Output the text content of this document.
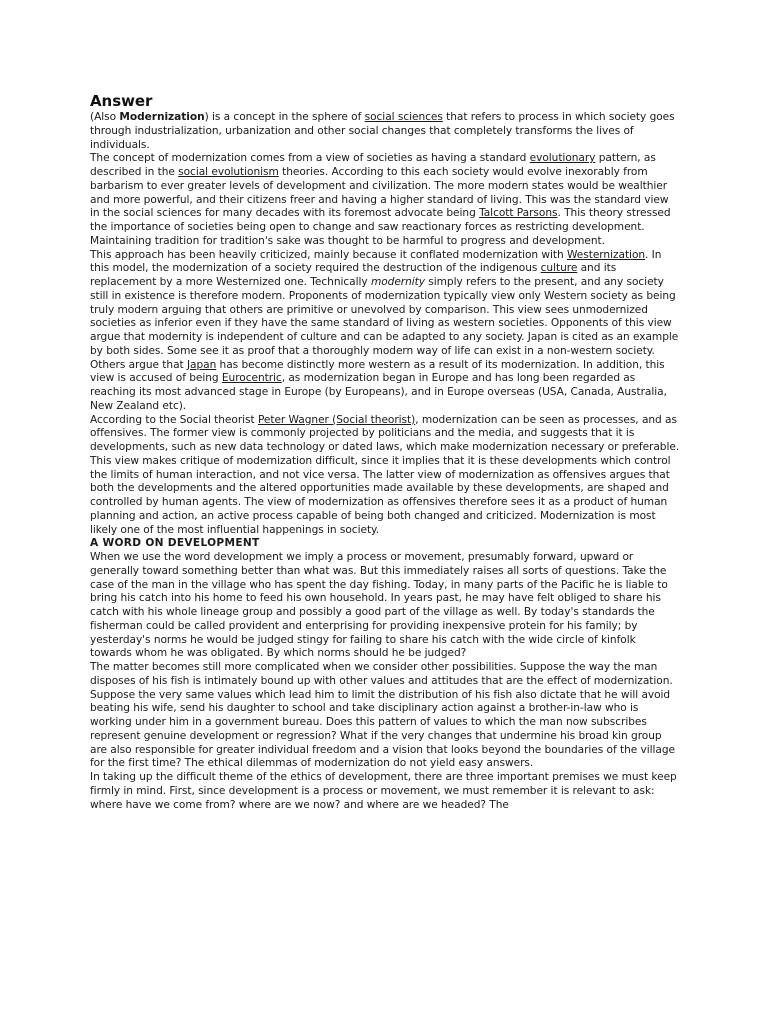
Answer

(Also Modernization) is a concept in the sphere of social sciences that refers to process in which society goes through industrialization, urbanization and other social changes that completely transforms the lives of individuals.

The concept of modernization comes from a view of societies as having a standard evolutionary pattern, as described in the social evolutionism theories. According to this each society would evolve inexorably from barbarism to ever greater levels of development and civilization. The more modern states would be wealthier and more powerful, and their citizens freer and having a higher standard of living. This was the standard view in the social sciences for many decades with its foremost advocate being Talcott Parsons. This theory stressed the importance of societies being open to change and saw reactionary forces as restricting development. Maintaining tradition for tradition's sake was thought to be harmful to progress and development.

This approach has been heavily criticized, mainly because it conflated modernization with Westernization. In this model, the modernization of a society required the destruction of the indigenous culture and its replacement by a more Westernized one. Technically modernity simply refers to the present, and any society still in existence is therefore modern. Proponents of modernization typically view only Western society as being truly modern arguing that others are primitive or unevolved by comparison. This view sees unmodernized societies as inferior even if they have the same standard of living as western societies. Opponents of this view argue that modernity is independent of culture and can be adapted to any society. Japan is cited as an example by both sides. Some see it as proof that a thoroughly modern way of life can exist in a non-western society. Others argue that Japan has become distinctly more western as a result of its modernization. In addition, this view is accused of being Eurocentric, as modernization began in Europe and has long been regarded as reaching its most advanced stage in Europe (by Europeans), and in Europe overseas (USA, Canada, Australia, New Zealand etc).

According to the Social theorist Peter Wagner (Social theorist), modernization can be seen as processes, and as offensives. The former view is commonly projected by politicians and the media, and suggests that it is developments, such as new data technology or dated laws, which make modernization necessary or preferable. This view makes critique of modernization difficult, since it implies that it is these developments which control the limits of human interaction, and not vice versa. The latter view of modernization as offensives argues that both the developments and the altered opportunities made available by these developments, are shaped and controlled by human agents. The view of modernization as offensives therefore sees it as a product of human planning and action, an active process capable of being both changed and criticized. Modernization is most likely one of the most influential happenings in society.

A WORD ON DEVELOPMENT

When we use the word development we imply a process or movement, presumably forward, upward or generally toward something better than what was. But this immediately raises all sorts of questions. Take the case of the man in the village who has spent the day fishing. Today, in many parts of the Pacific he is liable to bring his catch into his home to feed his own household. In years past, he may have felt obliged to share his catch with his whole lineage group and possibly a good part of the village as well. By today's standards the fisherman could be called provident and enterprising for providing inexpensive protein for his family; by yesterday's norms he would be judged stingy for failing to share his catch with the wide circle of kinfolk towards whom he was obligated. By which norms should he be judged?

The matter becomes still more complicated when we consider other possibilities. Suppose the way the man disposes of his fish is intimately bound up with other values and attitudes that are the effect of modernization. Suppose the very same values which lead him to limit the distribution of his fish also dictate that he will avoid beating his wife, send his daughter to school and take disciplinary action against a brother-in-law who is working under him in a government bureau. Does this pattern of values to which the man now subscribes represent genuine development or regression? What if the very changes that undermine his broad kin group are also responsible for greater individual freedom and a vision that looks beyond the boundaries of the village for the first time? The ethical dilemmas of modernization do not yield easy answers.

In taking up the difficult theme of the ethics of development, there are three important premises we must keep firmly in mind. First, since development is a process or movement, we must remember it is relevant to ask: where have we come from? where are we now? and where are we headed? The
